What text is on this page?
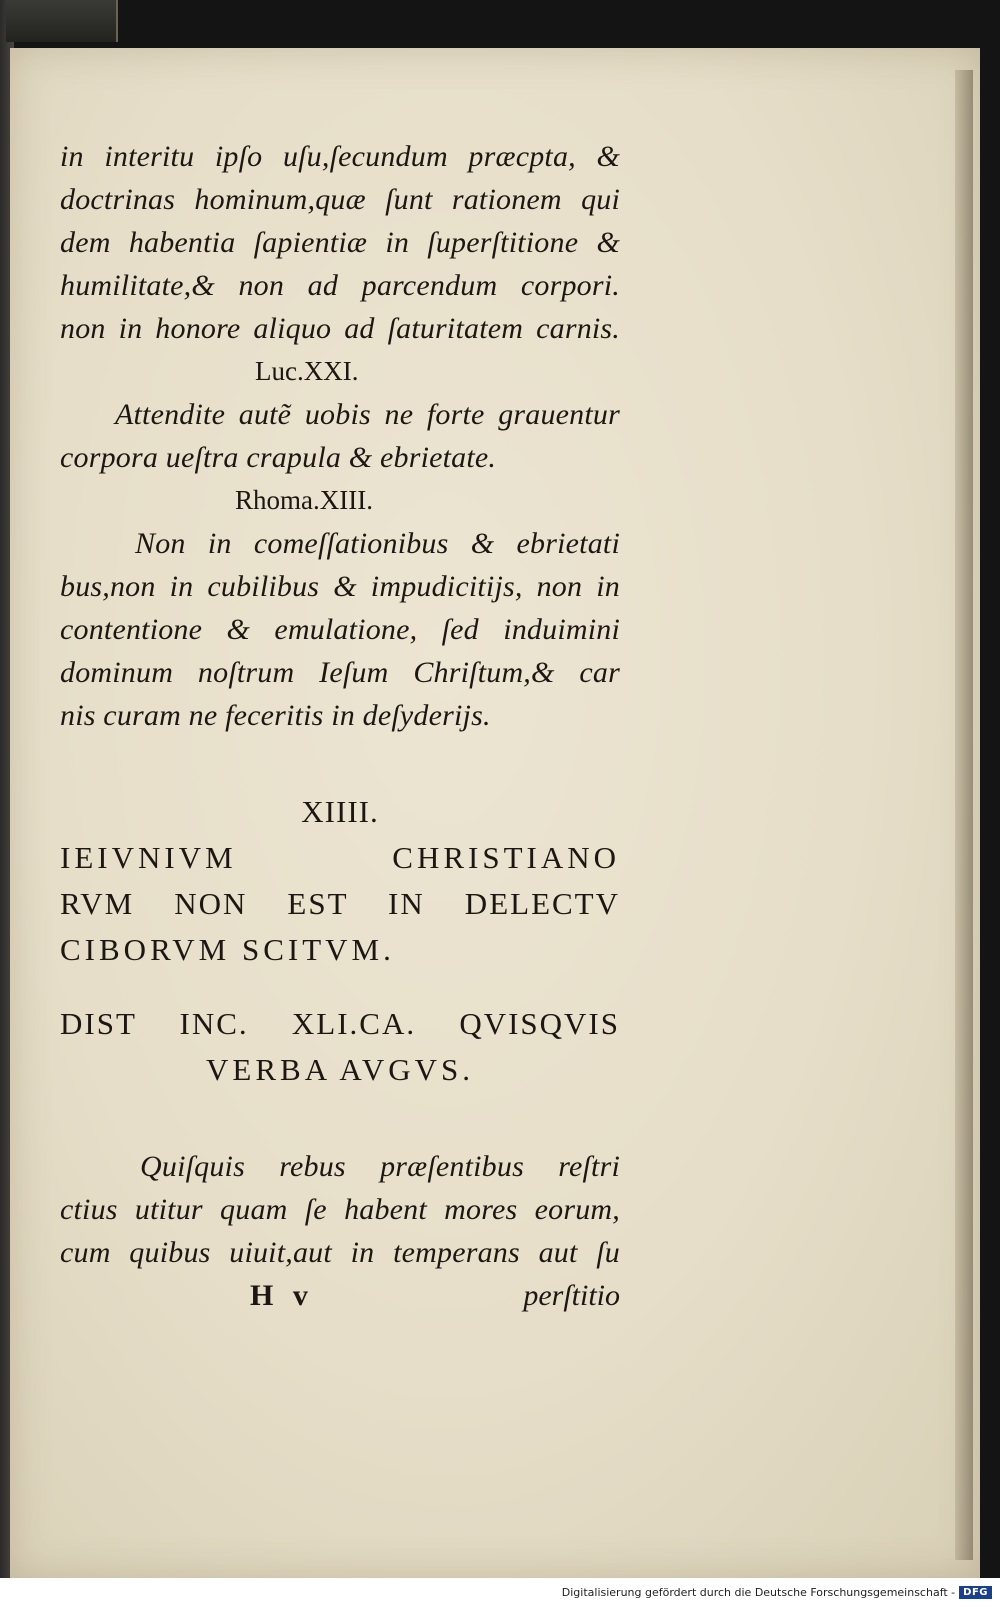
in interitu ipſo uſu,ſecundum præcpta, &
doctrinas hominum,quæ ſunt rationem qui
dem habentia ſapientiæ in ſuperſtitione &
humilitate,& non ad parcendum corpori.
non in honore aliquo ad ſaturitatem carnis.
Luc.XXI.
Attendite autẽ uobis ne forte grauentur
corpora ueſtra crapula & ebrietate.
Rhoma.XIII.
Non in comeſſationibus & ebrietati
bus,non in cubilibus & impudicitijs, non in
contentione & emulatione, ſed induimini
dominum noſtrum Ieſum Chriſtum,& car
nis curam ne feceritis in deſyderijs.
XIIII.
IEIVNIVM CHRISTIANO
RVM NON EST IN DELECTV
CIBORVM SCITVM.
DIST INC. XLI.CA. QVISQVIS
VERBA AVGVS.
Quiſquis rebus præſentibus reſtri
ctius utitur quam ſe habent mores eorum,
cum quibus uiuit,aut in temperans aut ſu
H v	perſtitio
Digitalisierung gefördert durch die Deutsche Forschungsgemeinschaft - DFG
